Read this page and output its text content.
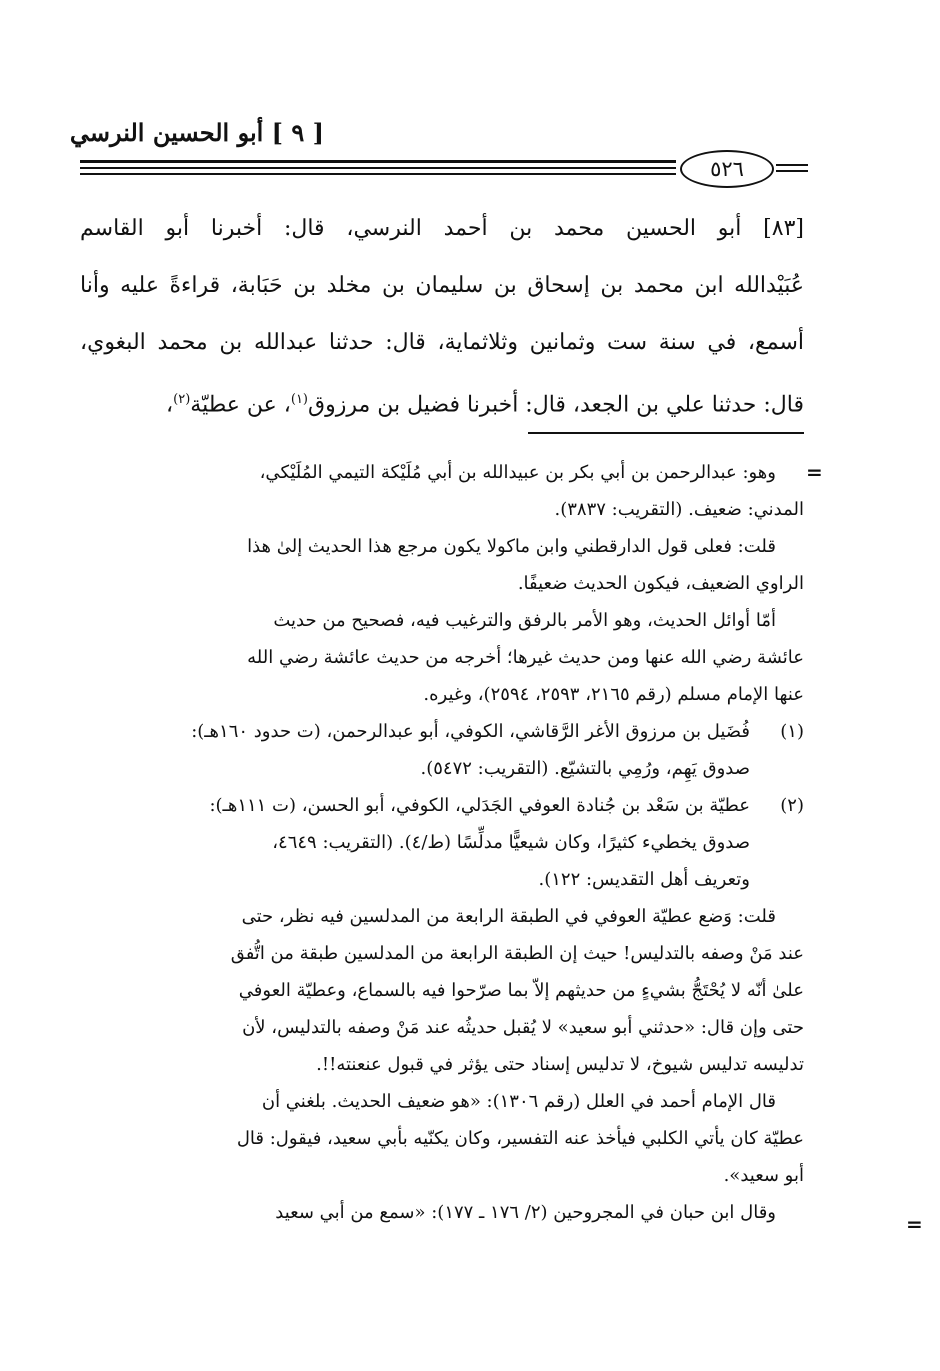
[ ٩ ] أبو الحسين النرسي
٥٢٦

[٨٣] أبو الحسين محمد بن أحمد النرسي، قال: أخبرنا أبو القاسم

عُبَيْدالله ابن محمد بن إسحاق بن سليمان بن مخلد بن حَبَابة، قراءةً عليه وأنا

أسمع، في سنة ست وثمانين وثلاثماية، قال: حدثنا عبدالله بن محمد البغوي،

قال: حدثنا علي بن الجعد، قال: أخبرنا فضيل بن مرزوق$^{(١)}$، عن عطيّة$^{(٢)}$،

=
=
وهو: عبدالرحمن بن أبي بكر بن عبيدالله بن أبي مُلَيْكة التيمي المُلَيْكي،
المدني: ضعيف. (التقريب: ٣٨٣٧).
قلت: فعلى قول الدارقطني وابن ماكولا يكون مرجع هذا الحديث إلىٰ هذا
الراوي الضعيف، فيكون الحديث ضعيفًا.
أمّا أوائل الحديث، وهو الأمر بالرفق والترغيب فيه، فصحيح من حديث
عائشة رضي الله عنها ومن حديث غيرها؛ أخرجه من حديث عائشة رضي الله
عنها الإمام مسلم (رقم ٢١٦٥، ٢٥٩٣، ٢٥٩٤)، وغيره.
(١)
فُضَيل بن مرزوق الأغر الرَّقاشي، الكوفي، أبو عبدالرحمن، (ت حدود ١٦٠هـ):
صدوق يَهِم، ورُمِي بالتشيّع. (التقريب: ٥٤٧٢).
(٢)
عطيّة بن سَعْد بن جُنادة العوفي الجَدَلي، الكوفي، أبو الحسن، (ت ١١١هـ):
صدوق يخطيء كثيرًا، وكان شيعيًّا مدلِّسًا (ط/٤). (التقريب: ٤٦٤٩،
وتعريف أهل التقديس: ١٢٢).
قلت: وَضع عطيّة العوفي في الطبقة الرابعة من المدلسين فيه نظر، حتى
عند مَنْ وصفه بالتدليس! حيث إن الطبقة الرابعة من المدلسين طبقة من اتُّفق
علىٰ أنّه لا يُحْتَجُّ بشيءٍ من حديثهم إلاّ بما صرّحوا فيه بالسماع، وعطيّة العوفي
حتى وإن قال: «حدثني أبو سعيد» لا يُقبل حديثُه عند مَنْ وصفه بالتدليس، لأن
تدليسه تدليس شيوخ، لا تدليس إسناد حتى يؤثر في قبول عنعنته!!.
قال الإمام أحمد في العلل (رقم ١٣٠٦): «هو ضعيف الحديث. بلغني أن
عطيّة كان يأتي الكلبي فيأخذ عنه التفسير، وكان يكنّيه بأبي سعيد، فيقول: قال
أبو سعيد».
وقال ابن حبان في المجروحين (٢/ ١٧٦ ـ ١٧٧): «سمع من أبي سعيد
